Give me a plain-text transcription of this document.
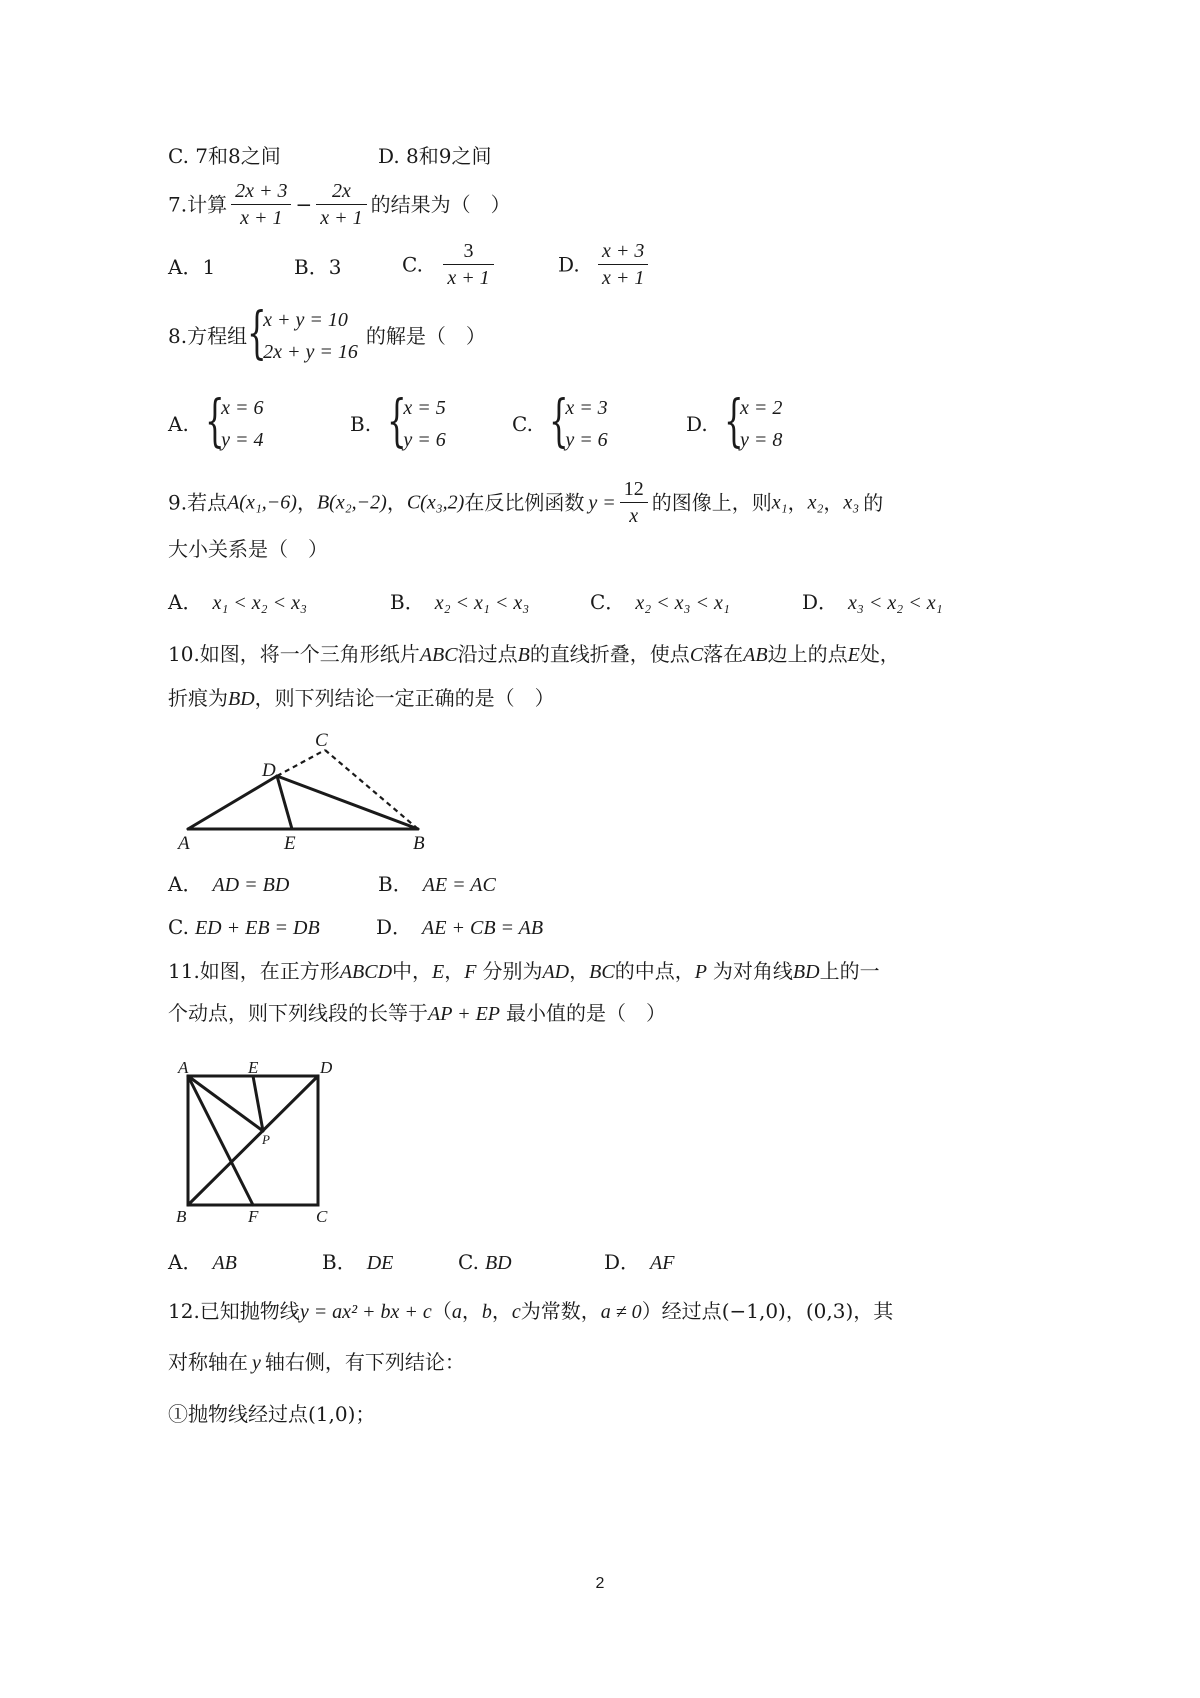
C. 7和8之间	D. 8和9之间
7.计算 $\frac{2x + 3}{x + 1} - \frac{2x}{x + 1}$ 的结果为（　）
A．1	B．3	C. $\frac{3}{x + 1}$	D. $\frac{x + 3}{x + 1}$
8.方程组 {
x + y = 10
2x + y = 16
的解是（　）
A. {
x = 6
y = 4
B. {
x = 5
y = 6
C. {
x = 3
y = 6
D. {
x = 2
y = 8
9.若点A(x₁,−6)，B(x₂,−2)，C(x₃,2)在反比例函数 $y = \frac{12}{x}$ 的图像上，则x₁，x₂，x₃ 的
大小关系是（　）
A． x₁ < x₂ < x₃	B． x₂ < x₁ < x₃	C． x₂ < x₃ < x₁	D． x₃ < x₂ < x₁
10.如图，将一个三角形纸片ABC沿过点B的直线折叠，使点C落在AB边上的点E处，
折痕为BD，则下列结论一定正确的是（　）
A	B
C
D
E
A． AD = BD	B． AE = AC
C. ED + EB = DB	D． AE + CB = AB
11.如图，在正方形ABCD中，E，F 分别为AD，BC的中点，P 为对角线BD上的一
个动点，则下列线段的长等于AP + EP 最小值的是（　）
A	E	D
P
B	F	C
A． AB	B． DE	C. BD	D． AF
12.已知抛物线y = ax² + bx + c（a，b，c为常数，a ≠ 0）经过点(−1,0)，(0,3)，其
对称轴在 y 轴右侧，有下列结论：
①抛物线经过点(1,0)；
2
